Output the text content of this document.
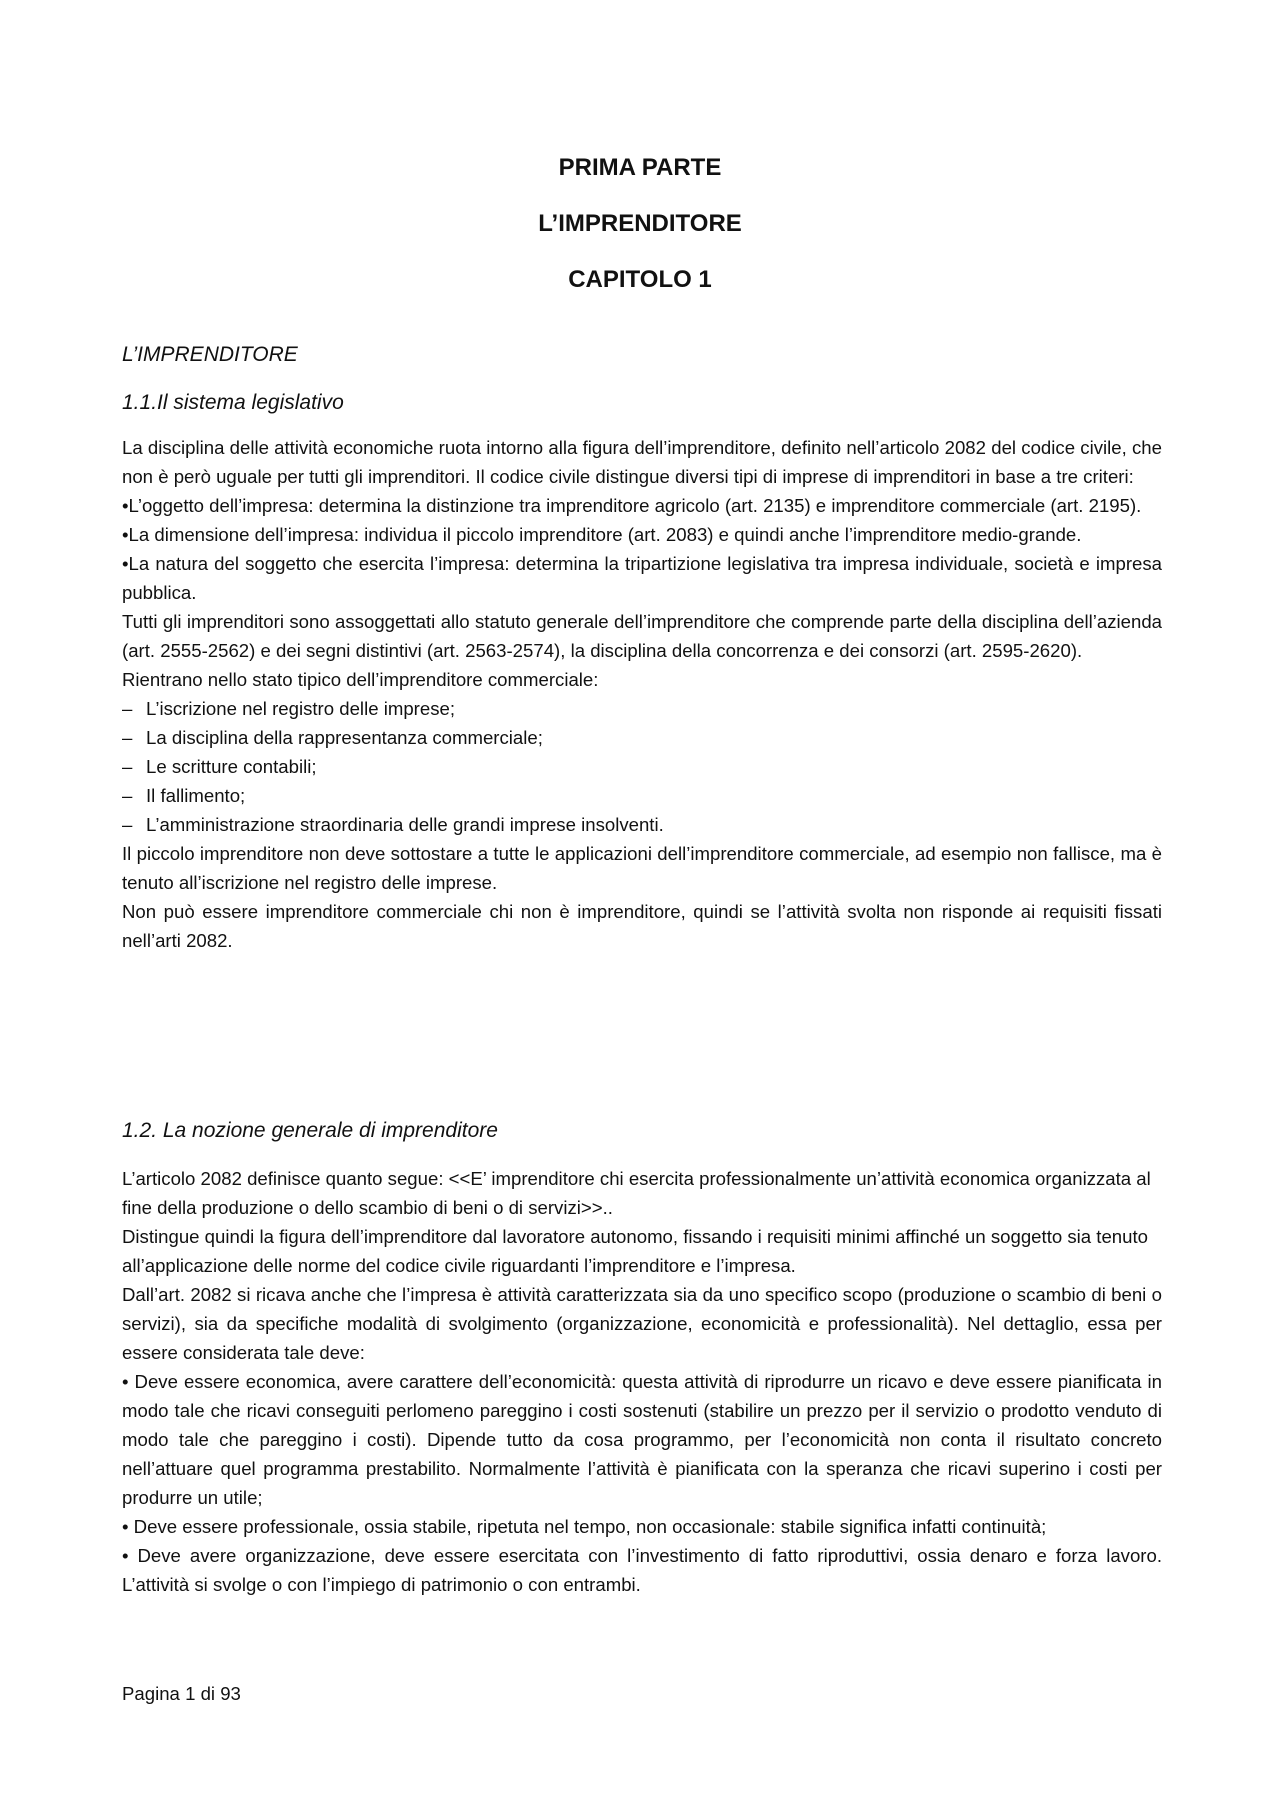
PRIMA PARTE
L’IMPRENDITORE
CAPITOLO 1
L’IMPRENDITORE
1.1.Il sistema legislativo

La disciplina delle attività economiche ruota intorno alla figura dell’imprenditore, definito nell’articolo 2082 del codice civile, che non è però uguale per tutti gli imprenditori. Il codice civile distingue diversi tipi di imprese di imprenditori in base a tre criteri:

•L’oggetto dell’impresa: determina la distinzione tra imprenditore agricolo (art. 2135) e imprenditore commerciale (art. 2195).

•La dimensione dell’impresa: individua il piccolo imprenditore (art. 2083) e quindi anche l’imprenditore medio-grande.

•La natura del soggetto che esercita l’impresa: determina la tripartizione legislativa tra impresa individuale, società e impresa pubblica.

Tutti gli imprenditori sono assoggettati allo statuto generale dell’imprenditore che comprende parte della disciplina dell’azienda (art. 2555-2562) e dei segni distintivi (art. 2563-2574), la disciplina della concorrenza e dei consorzi (art. 2595-2620).

Rientrano nello stato tipico dell’imprenditore commerciale:

– L’iscrizione nel registro delle imprese;

– La disciplina della rappresentanza commerciale;

– Le scritture contabili;

– Il fallimento;

– L’amministrazione straordinaria delle grandi imprese insolventi.

Il piccolo imprenditore non deve sottostare a tutte le applicazioni dell’imprenditore commerciale, ad esempio non fallisce, ma è tenuto all’iscrizione nel registro delle imprese.

Non può essere imprenditore commerciale chi non è imprenditore, quindi se l’attività svolta non risponde ai requisiti fissati nell’arti 2082.

1.2. La nozione generale di imprenditore

L’articolo 2082 definisce quanto segue: <<E’ imprenditore chi esercita professionalmente un’attività economica organizzata al fine della produzione o dello scambio di beni o di servizi>>..

Distingue quindi la figura dell’imprenditore dal lavoratore autonomo, fissando i requisiti minimi affinché un soggetto sia tenuto all’applicazione delle norme del codice civile riguardanti l’imprenditore e l’impresa.

Dall’art. 2082 si ricava anche che l’impresa è attività caratterizzata sia da uno specifico scopo (produzione o scambio di beni o servizi), sia da specifiche modalità di svolgimento (organizzazione, economicità e professionalità). Nel dettaglio, essa per essere considerata tale deve:

• Deve essere economica, avere carattere dell’economicità: questa attività di riprodurre un ricavo e deve essere pianificata in modo tale che ricavi conseguiti perlomeno pareggino i costi sostenuti (stabilire un prezzo per il servizio o prodotto venduto di modo tale che pareggino i costi). Dipende tutto da cosa programmo, per l’economicità non conta il risultato concreto nell’attuare quel programma prestabilito. Normalmente l’attività è pianificata con la speranza che ricavi superino i costi per produrre un utile;

• Deve essere professionale, ossia stabile, ripetuta nel tempo, non occasionale: stabile significa infatti continuità;

• Deve avere organizzazione, deve essere esercitata con l’investimento di fatto riproduttivi, ossia denaro e forza lavoro. L’attività si svolge o con l’impiego di patrimonio o con entrambi.

Pagina 1 di 93
